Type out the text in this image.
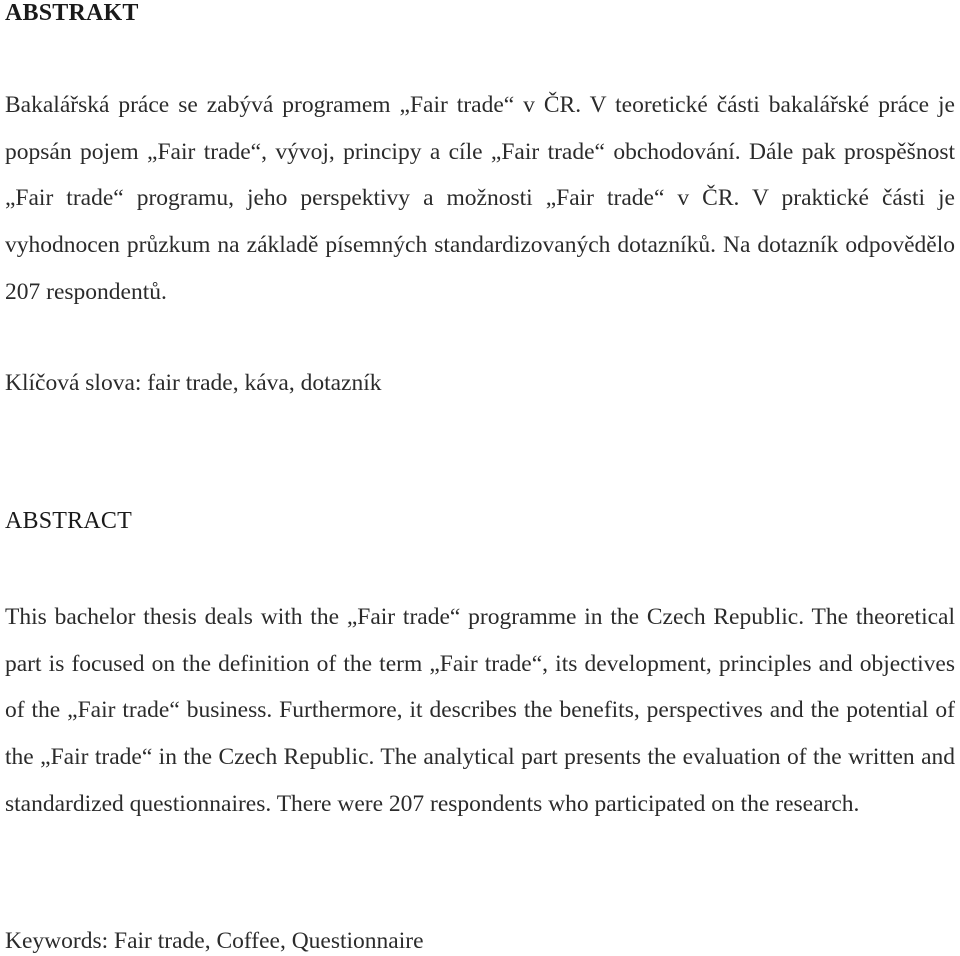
ABSTRAKT
Bakalářská práce se zabývá programem „Fair trade“ v ČR. V teoretické části bakalářské práce je popsán pojem „Fair trade“, vývoj, principy a cíle „Fair trade“ obchodování. Dále pak prospěšnost „Fair trade“ programu, jeho perspektivy a možnosti „Fair trade“ v ČR. V praktické části je vyhodnocen průzkum na základě písemných standardizovaných dotazníků. Na dotazník odpovědělo 207 respondentů.
Klíčová slova: fair trade, káva, dotazník
ABSTRACT
This bachelor thesis deals with the „Fair trade“ programme in the Czech Republic. The theoretical part is focused on the definition of the term „Fair trade“, its development, principles and objectives of the „Fair trade“ business. Furthermore, it describes the benefits, perspectives and the potential of the „Fair trade“ in the Czech Republic. The analytical part presents the evaluation of the written and standardized questionnaires. There were 207 respondents who participated on the research.
Keywords: Fair trade, Coffee, Questionnaire
